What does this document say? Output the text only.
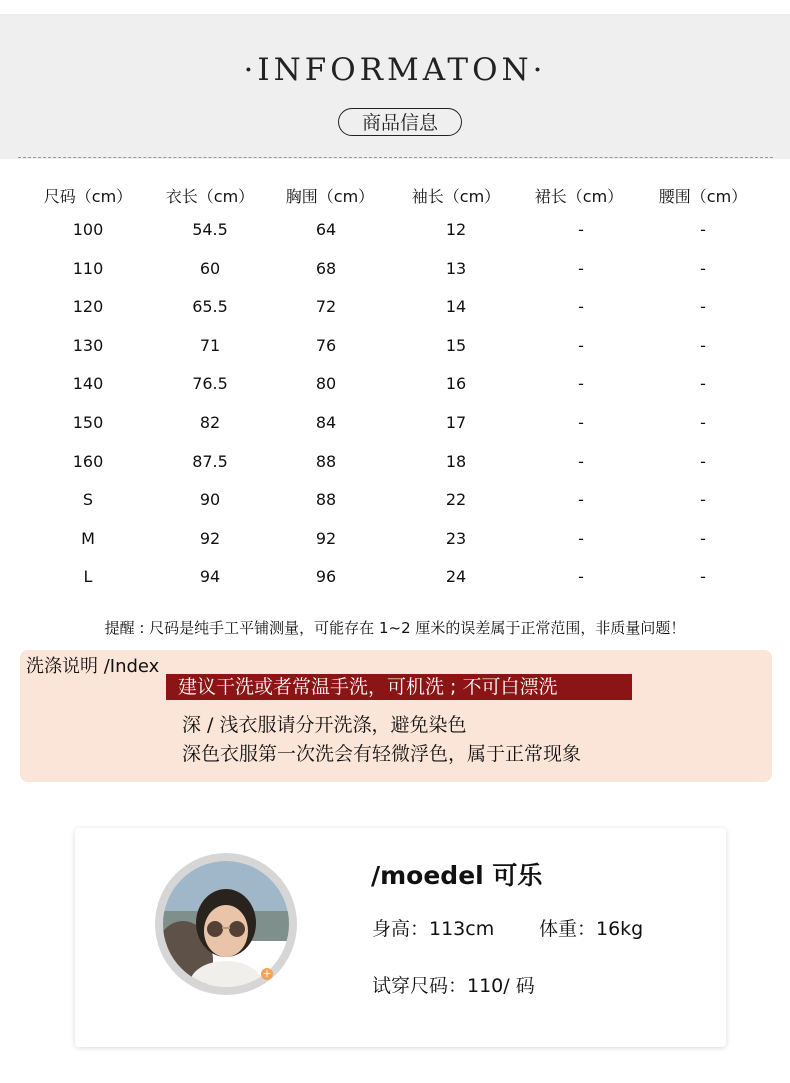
·INFORMATON·
商品信息
尺码（cm）	衣长（cm）	胸围（cm）	袖长（cm）	裙长（cm）	腰围（cm）
100	54.5	64	12	-	-
110	60	68	13	-	-
120	65.5	72	14	-	-
130	71	76	15	-	-
140	76.5	80	16	-	-
150	82	84	17	-	-
160	87.5	88	18	-	-
S	90	88	22	-	-
M	92	92	23	-	-
L	94	96	24	-	-
提醒 : 尺码是纯手工平铺测量，可能存在 1~2 厘米的误差属于正常范围，非质量问题！
洗涤说明 /Index
建议干洗或者常温手洗，可机洗 ; 不可白漂洗
深 / 浅衣服请分开洗涤，避免染色
深色衣服第一次洗会有轻微浮色，属于正常现象
+
/moedel 可乐
身高：113cm 体重：16kg
试穿尺码：110/ 码
